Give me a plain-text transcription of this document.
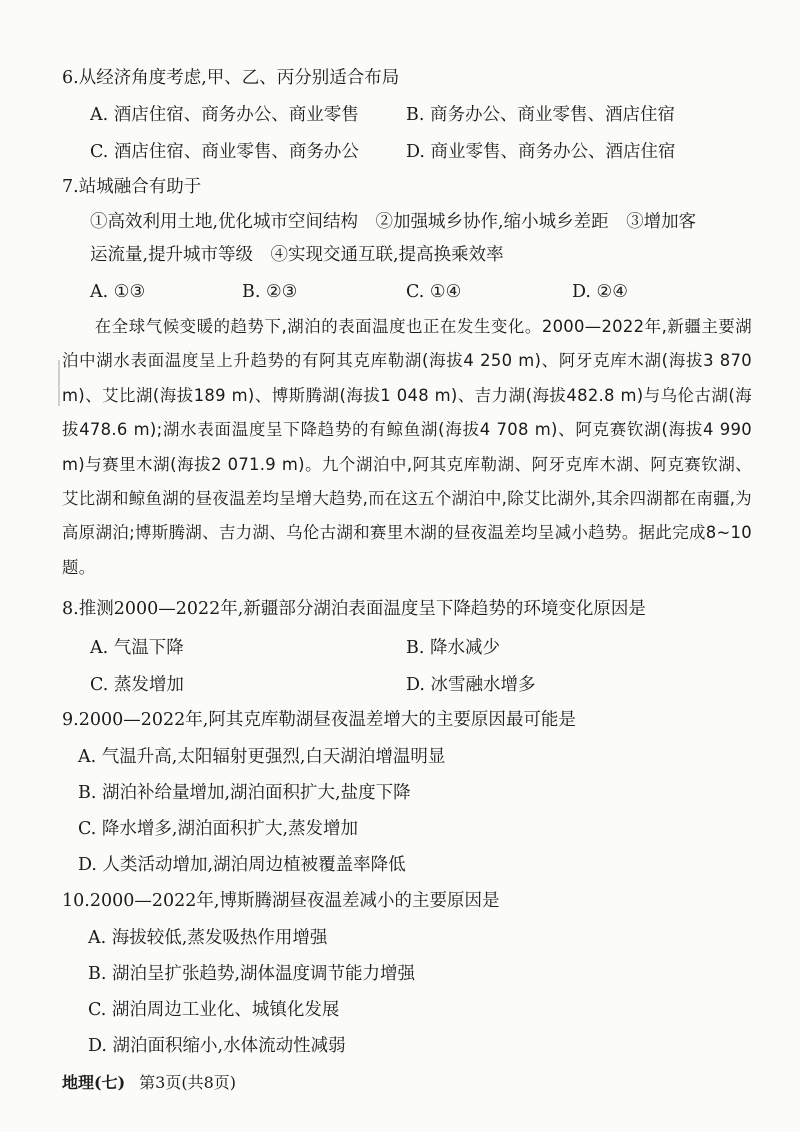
6.从经济角度考虑,甲、乙、丙分别适合布局
A. 酒店住宿、商务办公、商业零售	B. 商务办公、商业零售、酒店住宿
C. 酒店住宿、商业零售、商务办公	D. 商业零售、商务办公、酒店住宿
7.站城融合有助于
①高效利用土地,优化城市空间结构　②加强城乡协作,缩小城乡差距　③增加客
运流量,提升城市等级　④实现交通互联,提高换乘效率
A. ①③	B. ②③	C. ①④	D. ②④
在全球气候变暖的趋势下,湖泊的表面温度也正在发生变化。2000—2022年,新疆主要湖泊中湖水表面温度呈上升趋势的有阿其克库勒湖(海拔4 250 m)、阿牙克库木湖(海拔3 870 m)、艾比湖(海拔189 m)、博斯腾湖(海拔1 048 m)、吉力湖(海拔482.8 m)与乌伦古湖(海拔478.6 m);湖水表面温度呈下降趋势的有鲸鱼湖(海拔4 708 m)、阿克赛钦湖(海拔4 990 m)与赛里木湖(海拔2 071.9 m)。九个湖泊中,阿其克库勒湖、阿牙克库木湖、阿克赛钦湖、艾比湖和鲸鱼湖的昼夜温差均呈增大趋势,而在这五个湖泊中,除艾比湖外,其余四湖都在南疆,为高原湖泊;博斯腾湖、吉力湖、乌伦古湖和赛里木湖的昼夜温差均呈减小趋势。据此完成8~10题。
8.推测2000—2022年,新疆部分湖泊表面温度呈下降趋势的环境变化原因是
A. 气温下降	B. 降水减少
C. 蒸发增加	D. 冰雪融水增多
9.2000—2022年,阿其克库勒湖昼夜温差增大的主要原因最可能是
A. 气温升高,太阳辐射更强烈,白天湖泊增温明显
B. 湖泊补给量增加,湖泊面积扩大,盐度下降
C. 降水增多,湖泊面积扩大,蒸发增加
D. 人类活动增加,湖泊周边植被覆盖率降低
10.2000—2022年,博斯腾湖昼夜温差减小的主要原因是
A. 海拔较低,蒸发吸热作用增强
B. 湖泊呈扩张趋势,湖体温度调节能力增强
C. 湖泊周边工业化、城镇化发展
D. 湖泊面积缩小,水体流动性减弱
地理(七) 第3页(共8页)
